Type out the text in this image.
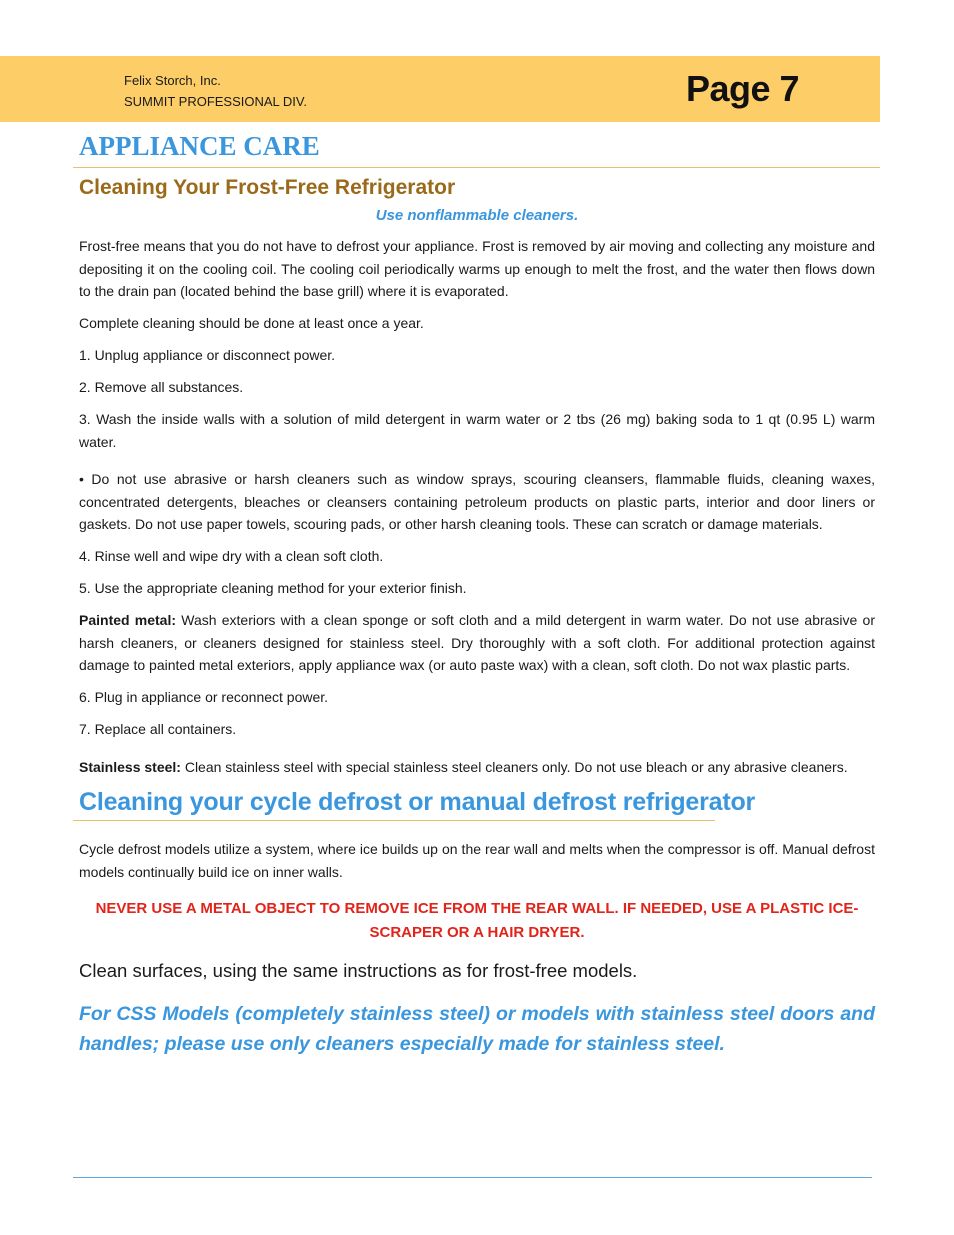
Felix Storch, Inc.
SUMMIT PROFESSIONAL DIV.	Page 7
APPLIANCE CARE
Cleaning Your Frost-Free Refrigerator
Use nonflammable cleaners.

Frost-free means that you do not have to defrost your appliance. Frost is removed by air moving and collecting any moisture and depositing it on the cooling coil. The cooling coil periodically warms up enough to melt the frost, and the water then flows down to the drain pan (located behind the base grill) where it is evaporated.

Complete cleaning should be done at least once a year.

1. Unplug appliance or disconnect power.

2. Remove all substances.

3. Wash the inside walls with a solution of mild detergent in warm water or 2 tbs (26 mg) baking soda to 1 qt (0.95 L) warm water.

• Do not use abrasive or harsh cleaners such as window sprays, scouring cleansers, flammable fluids, cleaning waxes, concentrated detergents, bleaches or cleansers containing petroleum products on plastic parts, interior and door liners or gaskets. Do not use paper towels, scouring pads, or other harsh cleaning tools. These can scratch or damage materials.

4. Rinse well and wipe dry with a clean soft cloth.

5. Use the appropriate cleaning method for your exterior finish.

Painted metal: Wash exteriors with a clean sponge or soft cloth and a mild detergent in warm water. Do not use abrasive or harsh cleaners, or cleaners designed for stainless steel. Dry thoroughly with a soft cloth. For additional protection against damage to painted metal exteriors, apply appliance wax (or auto paste wax) with a clean, soft cloth. Do not wax plastic parts.

6. Plug in appliance or reconnect power.

7. Replace all containers.

Stainless steel: Clean stainless steel with special stainless steel cleaners only. Do not use bleach or any abrasive cleaners.

Cleaning your cycle defrost or manual defrost refrigerator
Cycle defrost models utilize a system, where ice builds up on the rear wall and melts when the compressor is off. Manual defrost models continually build ice on inner walls.
NEVER USE A METAL OBJECT TO REMOVE ICE FROM THE REAR WALL. IF NEEDED, USE A PLASTIC ICE-SCRAPER OR A HAIR DRYER.
Clean surfaces, using the same instructions as for frost-free models.
For CSS Models (completely stainless steel) or models with stainless steel doors and handles; please use only cleaners especially made for stainless steel.
